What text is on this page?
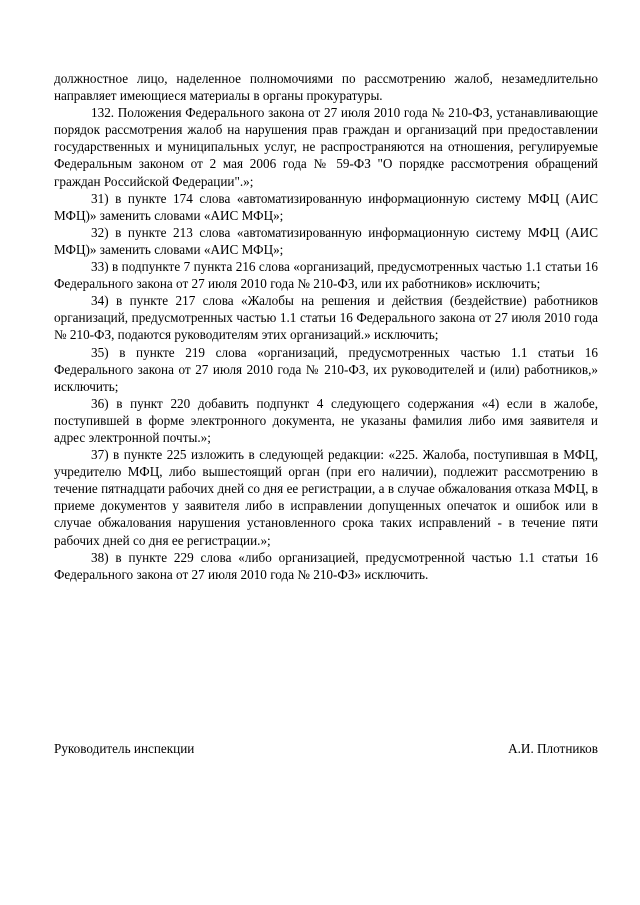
должностное лицо, наделенное полномочиями по рассмотрению жалоб, незамедлительно направляет имеющиеся материалы в органы прокуратуры.

132. Положения Федерального закона от 27 июля 2010 года № 210-ФЗ, устанавливающие порядок рассмотрения жалоб на нарушения прав граждан и организаций при предоставлении государственных и муниципальных услуг, не распространяются на отношения, регулируемые Федеральным законом от 2 мая 2006 года № 59-ФЗ "О порядке рассмотрения обращений граждан Российской Федерации".»;

31) в пункте 174 слова «автоматизированную информационную систему МФЦ (АИС МФЦ)» заменить словами «АИС МФЦ»;

32) в пункте 213 слова «автоматизированную информационную систему МФЦ (АИС МФЦ)» заменить словами «АИС МФЦ»;

33) в подпункте 7 пункта 216 слова «организаций, предусмотренных частью 1.1 статьи 16 Федерального закона от 27 июля 2010 года № 210-ФЗ, или их работников» исключить;

34) в пункте 217 слова «Жалобы на решения и действия (бездействие) работников организаций, предусмотренных частью 1.1 статьи 16 Федерального закона от 27 июля 2010 года № 210-ФЗ, подаются руководителям этих организаций.» исключить;

35) в пункте 219 слова «организаций, предусмотренных частью 1.1 статьи 16 Федерального закона от 27 июля 2010 года № 210-ФЗ, их руководителей и (или) работников,» исключить;

36) в пункт 220 добавить подпункт 4 следующего содержания «4) если в жалобе, поступившей в форме электронного документа, не указаны фамилия либо имя заявителя и адрес электронной почты.»;

37) в пункте 225 изложить в следующей редакции: «225. Жалоба, поступившая в МФЦ, учредителю МФЦ, либо вышестоящий орган (при его наличии), подлежит рассмотрению в течение пятнадцати рабочих дней со дня ее регистрации, а в случае обжалования отказа МФЦ, в приеме документов у заявителя либо в исправлении допущенных опечаток и ошибок или в случае обжалования нарушения установленного срока таких исправлений - в течение пяти рабочих дней со дня ее регистрации.»;

38) в пункте 229 слова «либо организацией, предусмотренной частью 1.1 статьи 16 Федерального закона от 27 июля 2010 года № 210-ФЗ» исключить.

Руководитель инспекции	А.И. Плотников
